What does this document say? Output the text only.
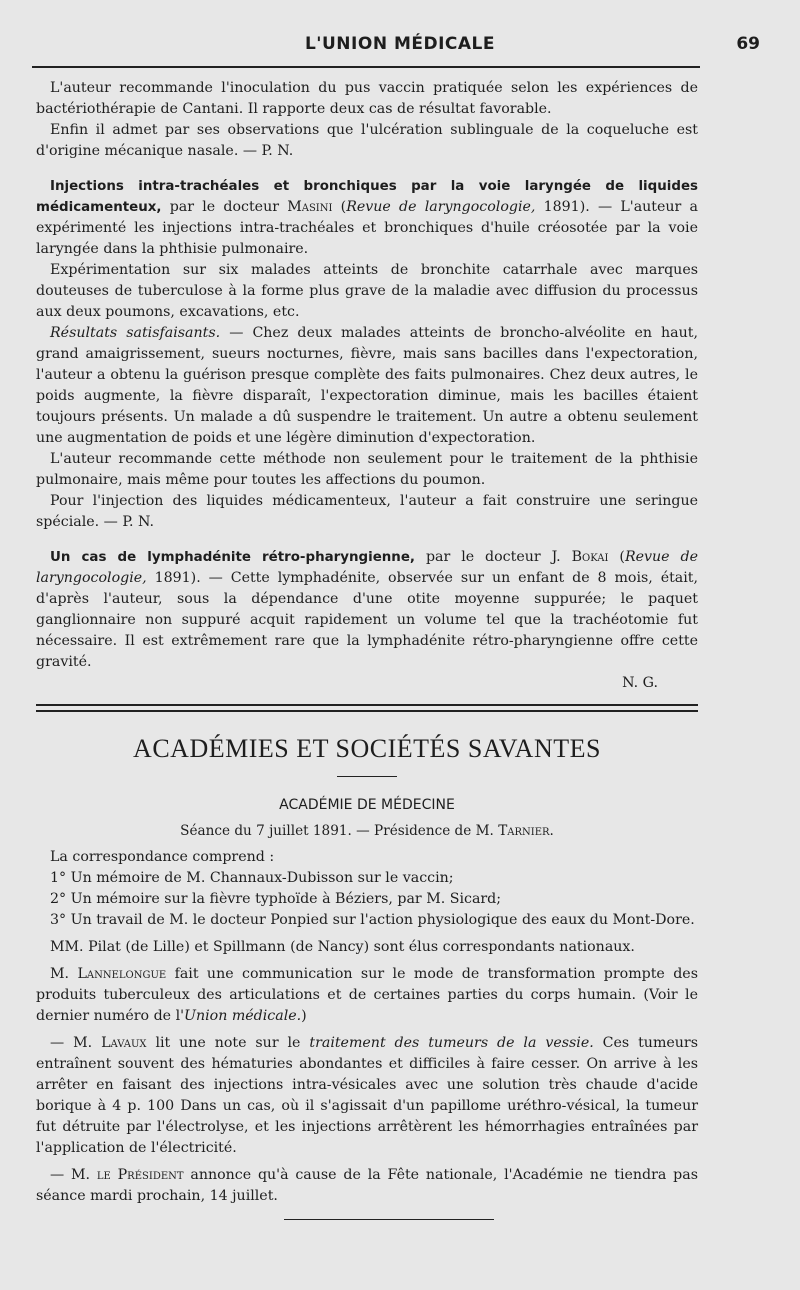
L'UNION MÉDICALE	69

L'auteur recommande l'inoculation du pus vaccin pratiquée selon les expériences de bactériothérapie de Cantani. Il rapporte deux cas de résultat favorable.

Enfin il admet par ses observations que l'ulcération sublinguale de la coqueluche est d'origine mécanique nasale. — P. N.

Injections intra-trachéales et bronchiques par la voie laryngée de liquides médicamenteux, par le docteur Masini (Revue de laryngocologie, 1891). — L'auteur a expérimenté les injections intra-trachéales et bronchiques d'huile créosotée par la voie laryngée dans la phthisie pulmonaire.

Expérimentation sur six malades atteints de bronchite catarrhale avec marques douteuses de tuberculose à la forme plus grave de la maladie avec diffusion du processus aux deux poumons, excavations, etc.

Résultats satisfaisants. — Chez deux malades atteints de broncho-alvéolite en haut, grand amaigrissement, sueurs nocturnes, fièvre, mais sans bacilles dans l'expectoration, l'auteur a obtenu la guérison presque complète des faits pulmonaires. Chez deux autres, le poids augmente, la fièvre disparaît, l'expectoration diminue, mais les bacilles étaient toujours présents. Un malade a dû suspendre le traitement. Un autre a obtenu seulement une augmentation de poids et une légère diminution d'expectoration.

L'auteur recommande cette méthode non seulement pour le traitement de la phthisie pulmonaire, mais même pour toutes les affections du poumon.

Pour l'injection des liquides médicamenteux, l'auteur a fait construire une seringue spéciale. — P. N.

Un cas de lymphadénite rétro-pharyngienne, par le docteur J. Bokai (Revue de laryngocologie, 1891). — Cette lymphadénite, observée sur un enfant de 8 mois, était, d'après l'auteur, sous la dépendance d'une otite moyenne suppurée; le paquet ganglionnaire non suppuré acquit rapidement un volume tel que la trachéotomie fut nécessaire. Il est extrêmement rare que la lymphadénite rétro-pharyngienne offre cette gravité.

N. G.
ACADÉMIES ET SOCIÉTÉS SAVANTES
ACADÉMIE DE MÉDECINE
Séance du 7 juillet 1891. — Présidence de M. Tarnier.

La correspondance comprend :

1° Un mémoire de M. Channaux-Dubisson sur le vaccin;

2° Un mémoire sur la fièvre typhoïde à Béziers, par M. Sicard;

3° Un travail de M. le docteur Ponpied sur l'action physiologique des eaux du Mont-Dore.

MM. Pilat (de Lille) et Spillmann (de Nancy) sont élus correspondants nationaux.

M. Lannelongue fait une communication sur le mode de transformation prompte des produits tuberculeux des articulations et de certaines parties du corps humain. (Voir le dernier numéro de l'Union médicale.)

— M. Lavaux lit une note sur le traitement des tumeurs de la vessie. Ces tumeurs entraînent souvent des hématuries abondantes et difficiles à faire cesser. On arrive à les arrêter en faisant des injections intra-vésicales avec une solution très chaude d'acide borique à 4 p. 100 Dans un cas, où il s'agissait d'un papillome uréthro-vésical, la tumeur fut détruite par l'électrolyse, et les injections arrêtèrent les hémorrhagies entraînées par l'application de l'électricité.

— M. le Président annonce qu'à cause de la Fête nationale, l'Académie ne tiendra pas séance mardi prochain, 14 juillet.
